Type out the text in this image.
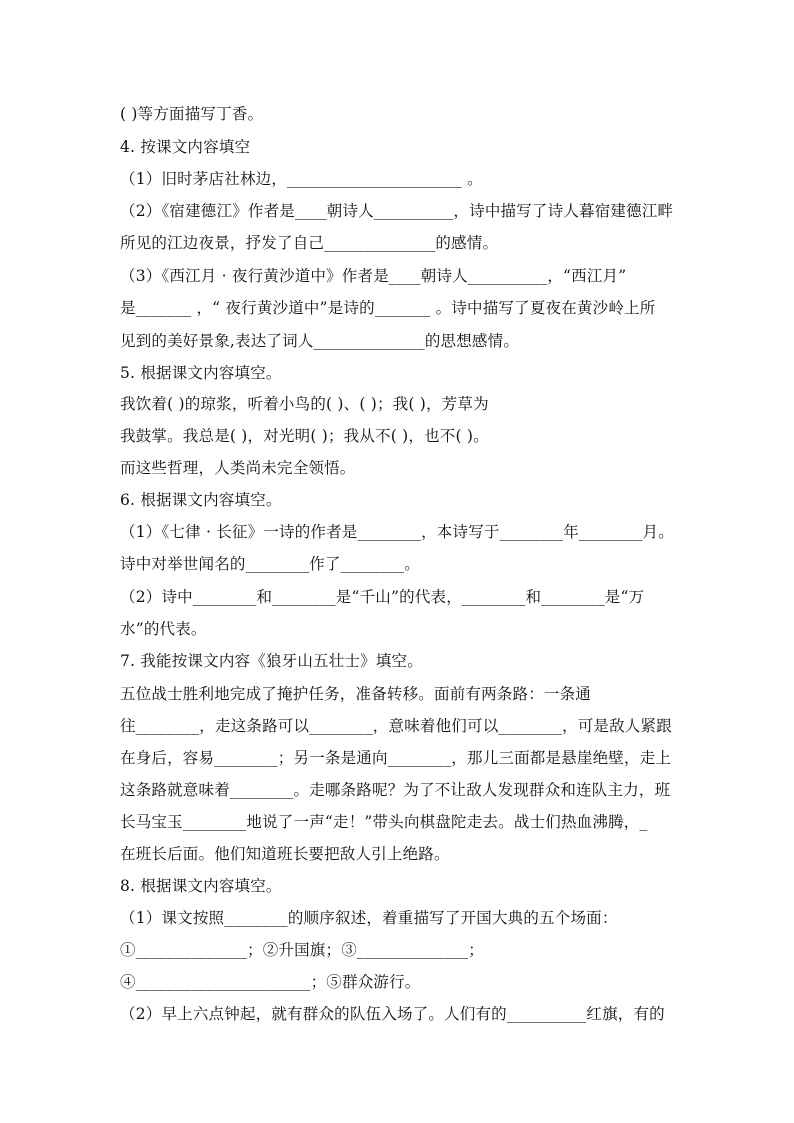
( )等方面描写丁香。
4. 按课文内容填空
（1）旧时茅店社林边，______________________ 。
（2）《宿建德江》作者是____朝诗人__________，诗中描写了诗人暮宿建德江畔
所见的江边夜景，抒发了自己______________的感情。
（3）《西江月 · 夜行黄沙道中》作者是____朝诗人__________，“西江月”
是_______ ，“ 夜行黄沙道中”是诗的_______ 。诗中描写了夏夜在黄沙岭上所
见到的美好景象,表达了词人______________的思想感情。
5. 根据课文内容填空。
我饮着( )的琼浆，听着小鸟的( )、( )；我( )，芳草为
我鼓掌。我总是( )，对光明( )；我从不( )，也不( )。
而这些哲理，人类尚未完全领悟。
6. 根据课文内容填空。
（1）《七律 · 长征》一诗的作者是________，本诗写于________年________月。
诗中对举世闻名的________作了________。
（2）诗中________和________是“千山”的代表，________和________是“万
水”的代表。
7. 我能按课文内容《狼牙山五壮士》填空。
五位战士胜利地完成了掩护任务，准备转移。面前有两条路：一条通
往________，走这条路可以________，意味着他们可以________，可是敌人紧跟
在身后，容易________；另一条是通向________，那儿三面都是悬崖绝壁，走上
这条路就意味着________。走哪条路呢？为了不让敌人发现群众和连队主力，班
长马宝玉________地说了一声“走！”带头向棋盘陀走去。战士们热血沸腾，_
在班长后面。他们知道班长要把敌人引上绝路。
8. 根据课文内容填空。
（1）课文按照________的顺序叙述，着重描写了开国大典的五个场面：
①______________；②升国旗；③______________；
④______________________；⑤群众游行。
（2）早上六点钟起，就有群众的队伍入场了。人们有的__________红旗，有的
